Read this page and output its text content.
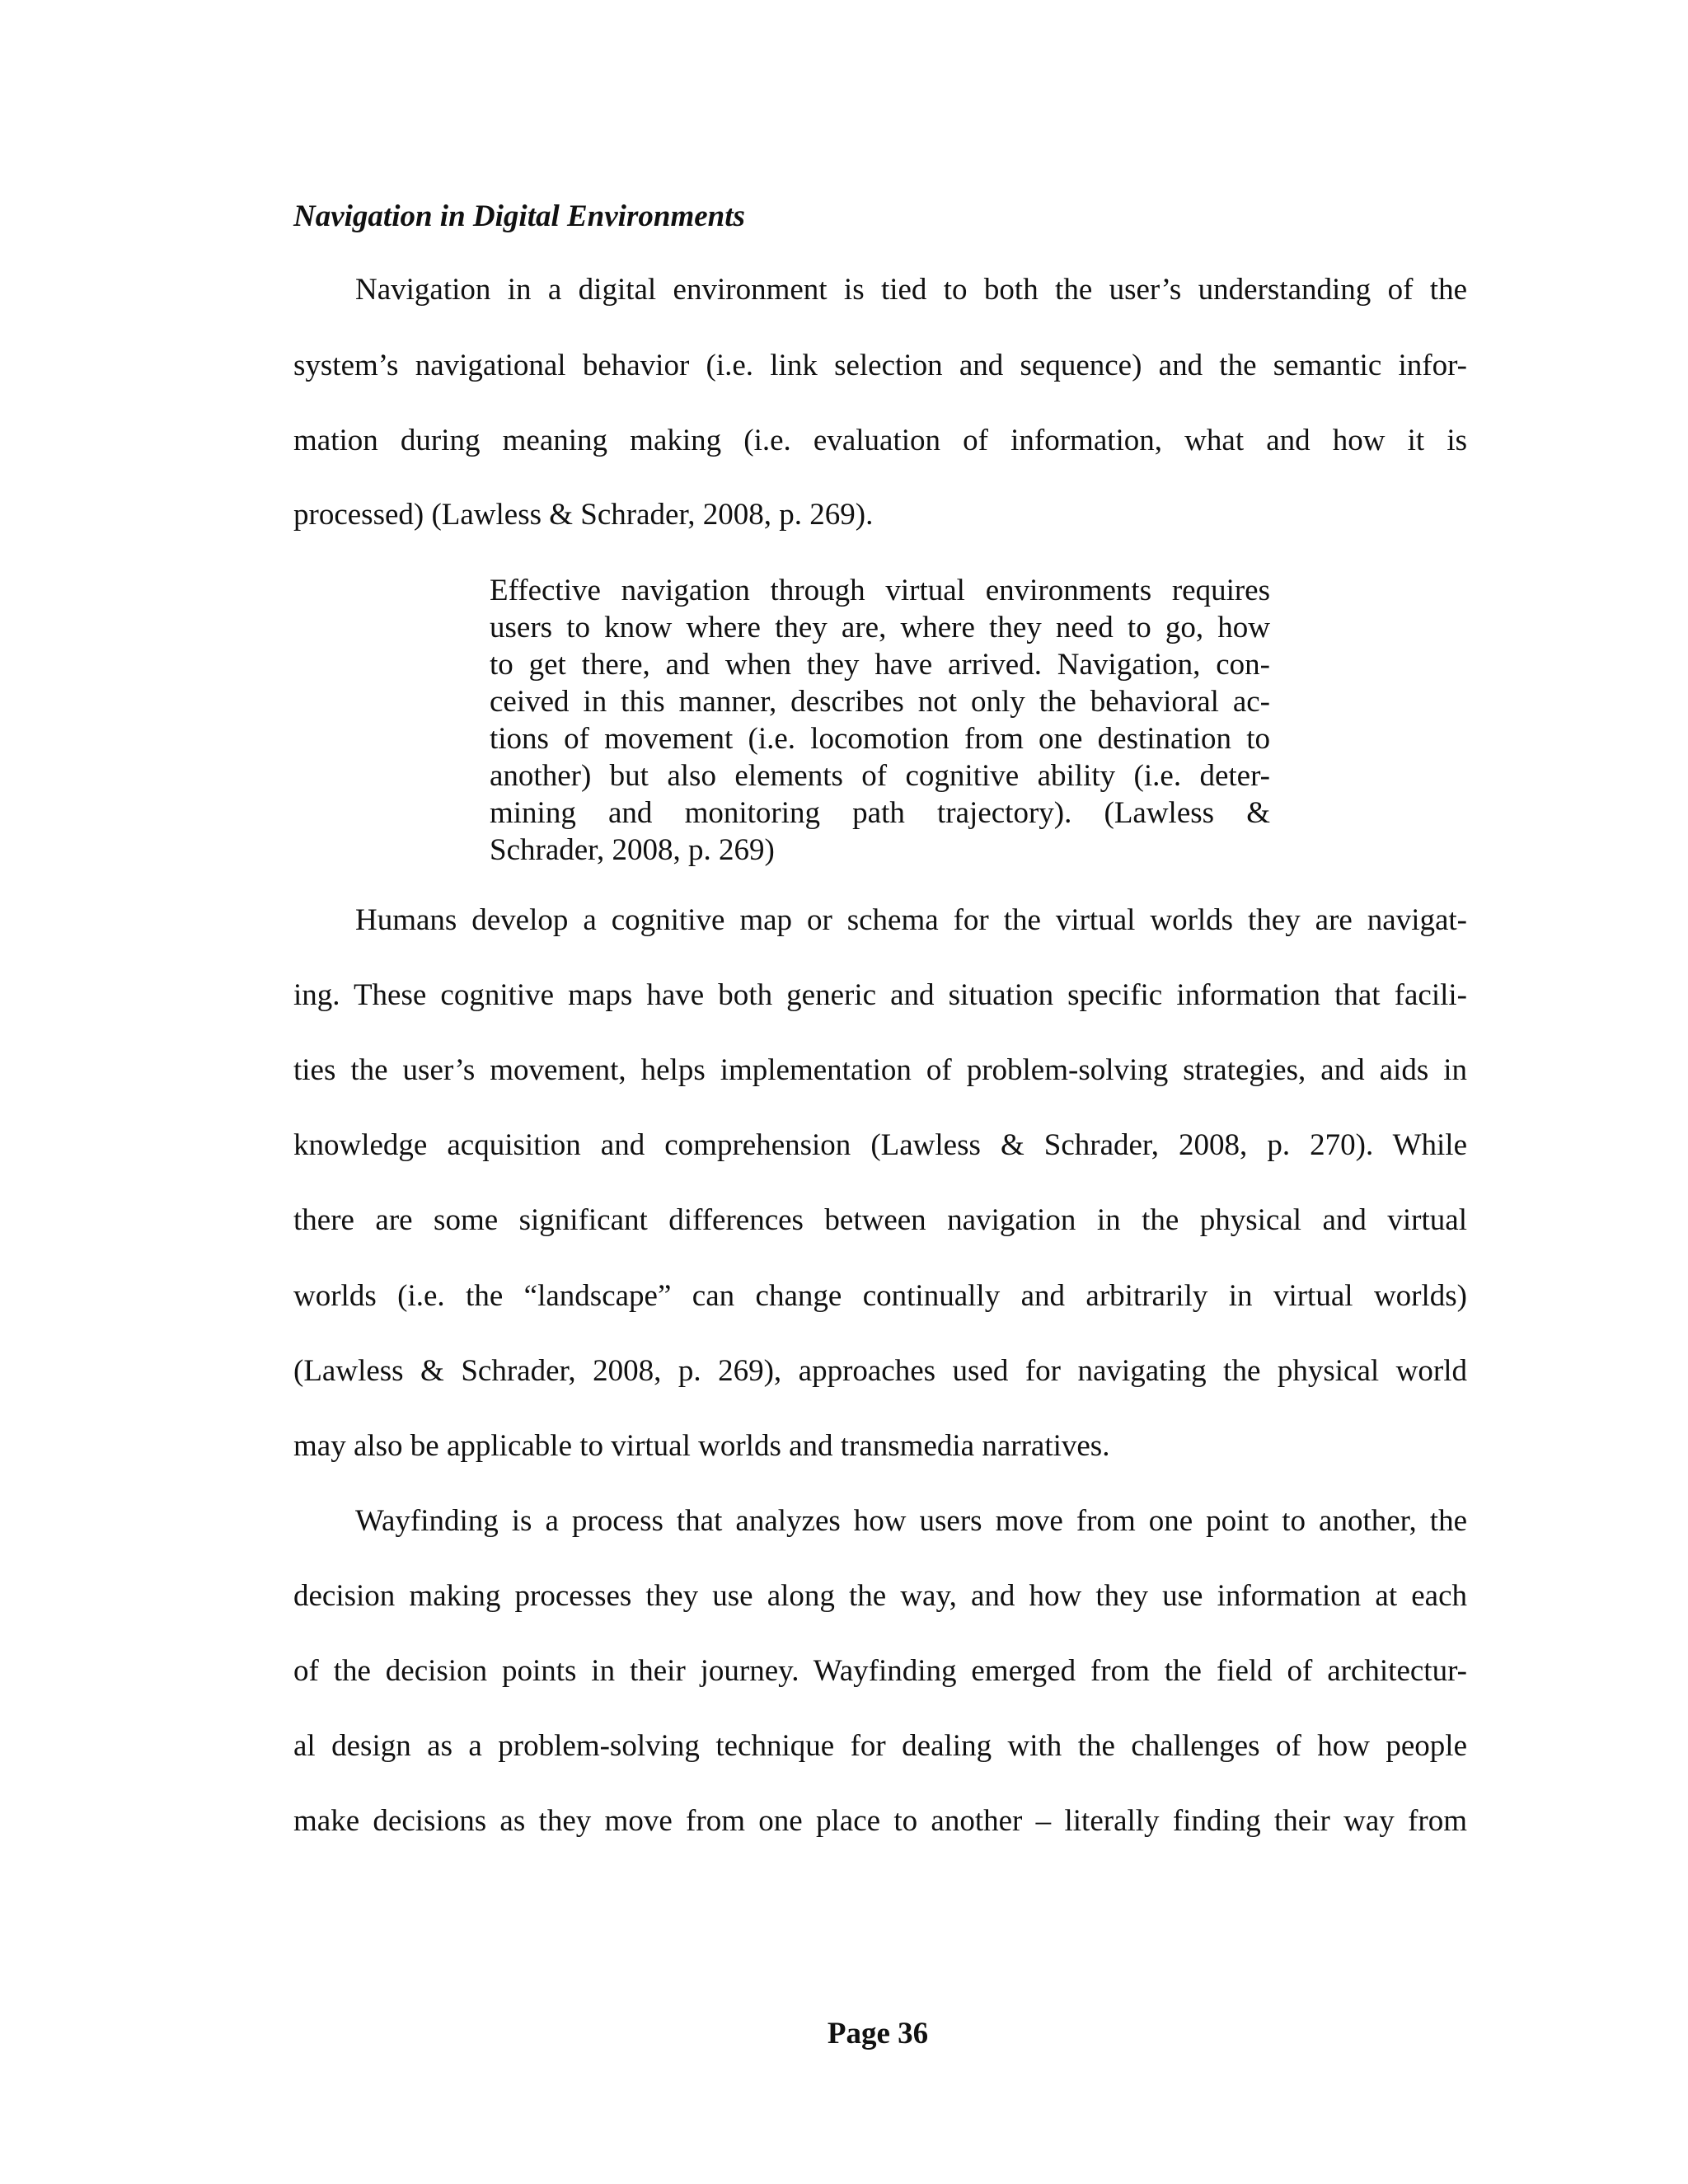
Navigation in Digital Environments
Navigation in a digital environment is tied to both the user’s understanding of the
system’s navigational behavior (i.e. link selection and sequence) and the semantic infor-
mation during meaning making (i.e. evaluation of information, what and how it is
processed) (Lawless & Schrader, 2008, p. 269).
Effective navigation through virtual environments requires
users to know where they are, where they need to go, how
to get there, and when they have arrived. Navigation, con-
ceived in this manner, describes not only the behavioral ac-
tions of movement (i.e. locomotion from one destination to
another) but also elements of cognitive ability (i.e. deter-
mining and monitoring path trajectory). (Lawless &
Schrader, 2008, p. 269)
Humans develop a cognitive map or schema for the virtual worlds they are navigat-
ing. These cognitive maps have both generic and situation specific information that facili-
ties the user’s movement, helps implementation of problem-solving strategies, and aids in
knowledge acquisition and comprehension (Lawless & Schrader, 2008, p. 270). While
there are some significant differences between navigation in the physical and virtual
worlds (i.e. the “landscape” can change continually and arbitrarily in virtual worlds)
(Lawless & Schrader, 2008, p. 269), approaches used for navigating the physical world
may also be applicable to virtual worlds and transmedia narratives.
Wayfinding is a process that analyzes how users move from one point to another, the
decision making processes they use along the way, and how they use information at each
of the decision points in their journey. Wayfinding emerged from the field of architectur-
al design as a problem-solving technique for dealing with the challenges of how people
make decisions as they move from one place to another – literally finding their way from
Page 36
